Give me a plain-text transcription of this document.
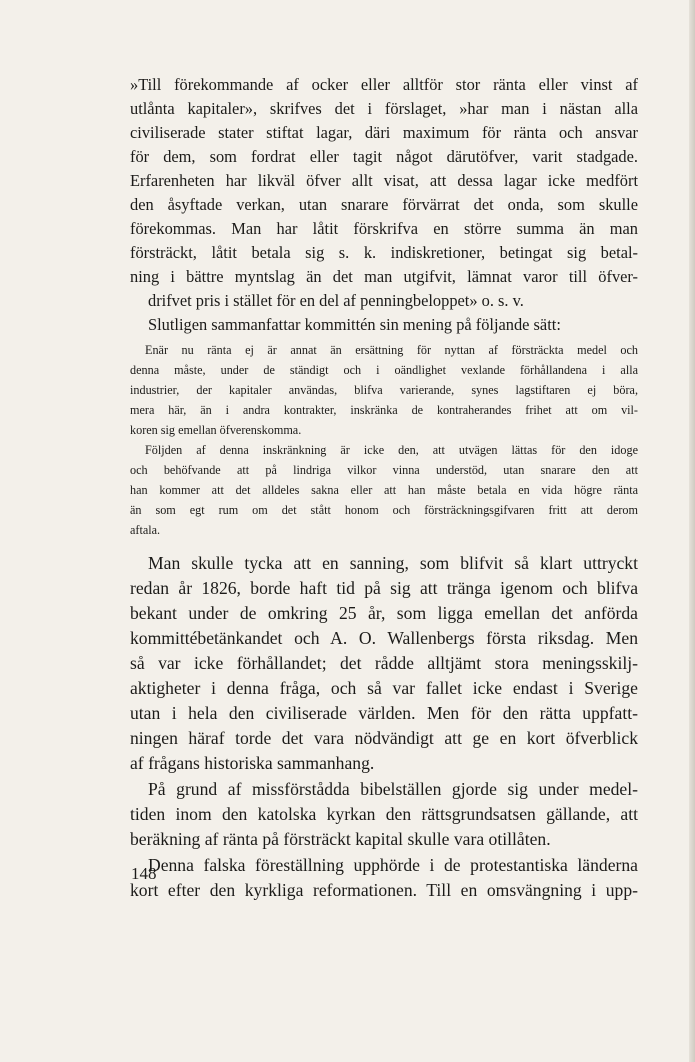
»Till förekommande af ocker eller alltför stor ränta eller vinst af

utlånta kapitaler», skrifves det i förslaget, »har man i nästan alla

civiliserade stater stiftat lagar, däri maximum för ränta och ansvar

för dem, som fordrat eller tagit något därutöfver, varit stadgade.

Erfarenheten har likväl öfver allt visat, att dessa lagar icke medfört

den åsyftade verkan, utan snarare förvärrat det onda, som skulle

förekommas. Man har låtit förskrifva en större summa än man

försträckt, låtit betala sig s. k. indiskretioner, betingat sig betal-

ning i bättre myntslag än det man utgifvit, lämnat varor till öfver-

drifvet pris i stället för en del af penningbeloppet» o. s. v.

Slutligen sammanfattar kommittén sin mening på följande sätt:

Enär nu ränta ej är annat än ersättning för nyttan af försträckta medel och

denna måste, under de ständigt och i oändlighet vexlande förhållandena i alla

industrier, der kapitaler användas, blifva varierande, synes lagstiftaren ej böra,

mera här, än i andra kontrakter, inskränka de kontraherandes frihet att om vil-

koren sig emellan öfverenskomma.

Följden af denna inskränkning är icke den, att utvägen lättas för den idoge

och behöfvande att på lindriga vilkor vinna understöd, utan snarare den att

han kommer att det alldeles sakna eller att han måste betala en vida högre ränta

än som egt rum om det stått honom och försträckningsgifvaren fritt att derom

aftala.

Man skulle tycka att en sanning, som blifvit så klart uttryckt

redan år 1826, borde haft tid på sig att tränga igenom och blifva

bekant under de omkring 25 år, som ligga emellan det anförda

kommittébetänkandet och A. O. Wallenbergs första riksdag. Men

så var icke förhållandet; det rådde alltjämt stora meningsskilj-

aktigheter i denna fråga, och så var fallet icke endast i Sverige

utan i hela den civiliserade världen. Men för den rätta uppfatt-

ningen häraf torde det vara nödvändigt att ge en kort öfverblick

af frågans historiska sammanhang.

På grund af missförstådda bibelställen gjorde sig under medel-

tiden inom den katolska kyrkan den rättsgrundsatsen gällande, att

beräkning af ränta på försträckt kapital skulle vara otillåten.

Denna falska föreställning upphörde i de protestantiska länderna

kort efter den kyrkliga reformationen. Till en omsvängning i upp-

148
